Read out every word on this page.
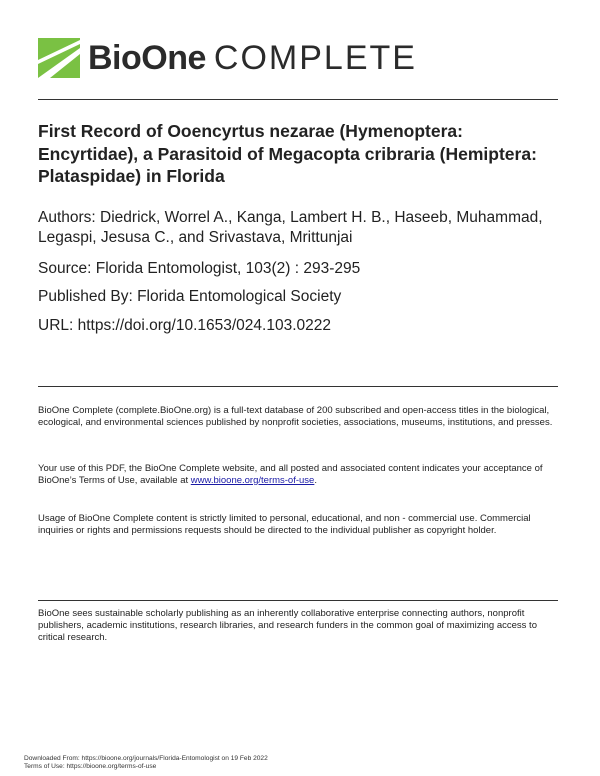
BioOne COMPLETE
First Record of Ooencyrtus nezarae (Hymenoptera: Encyrtidae), a Parasitoid of Megacopta cribraria (Hemiptera: Plataspidae) in Florida

Authors: Diedrick, Worrel A., Kanga, Lambert H. B., Haseeb, Muhammad, Legaspi, Jesusa C., and Srivastava, Mrittunjai

Source: Florida Entomologist, 103(2) : 293-295

Published By: Florida Entomological Society

URL: https://doi.org/10.1653/024.103.0222

BioOne Complete (complete.BioOne.org) is a full-text database of 200 subscribed and open-access titles in the biological, ecological, and environmental sciences published by nonprofit societies, associations, museums, institutions, and presses.

Your use of this PDF, the BioOne Complete website, and all posted and associated content indicates your acceptance of BioOne’s Terms of Use, available at www.bioone.org/terms-of-use.

Usage of BioOne Complete content is strictly limited to personal, educational, and non - commercial use. Commercial inquiries or rights and permissions requests should be directed to the individual publisher as copyright holder.

BioOne sees sustainable scholarly publishing as an inherently collaborative enterprise connecting authors, nonprofit publishers, academic institutions, research libraries, and research funders in the common goal of maximizing access to critical research.

Downloaded From: https://bioone.org/journals/Florida-Entomologist on 19 Feb 2022
Terms of Use: https://bioone.org/terms-of-use
